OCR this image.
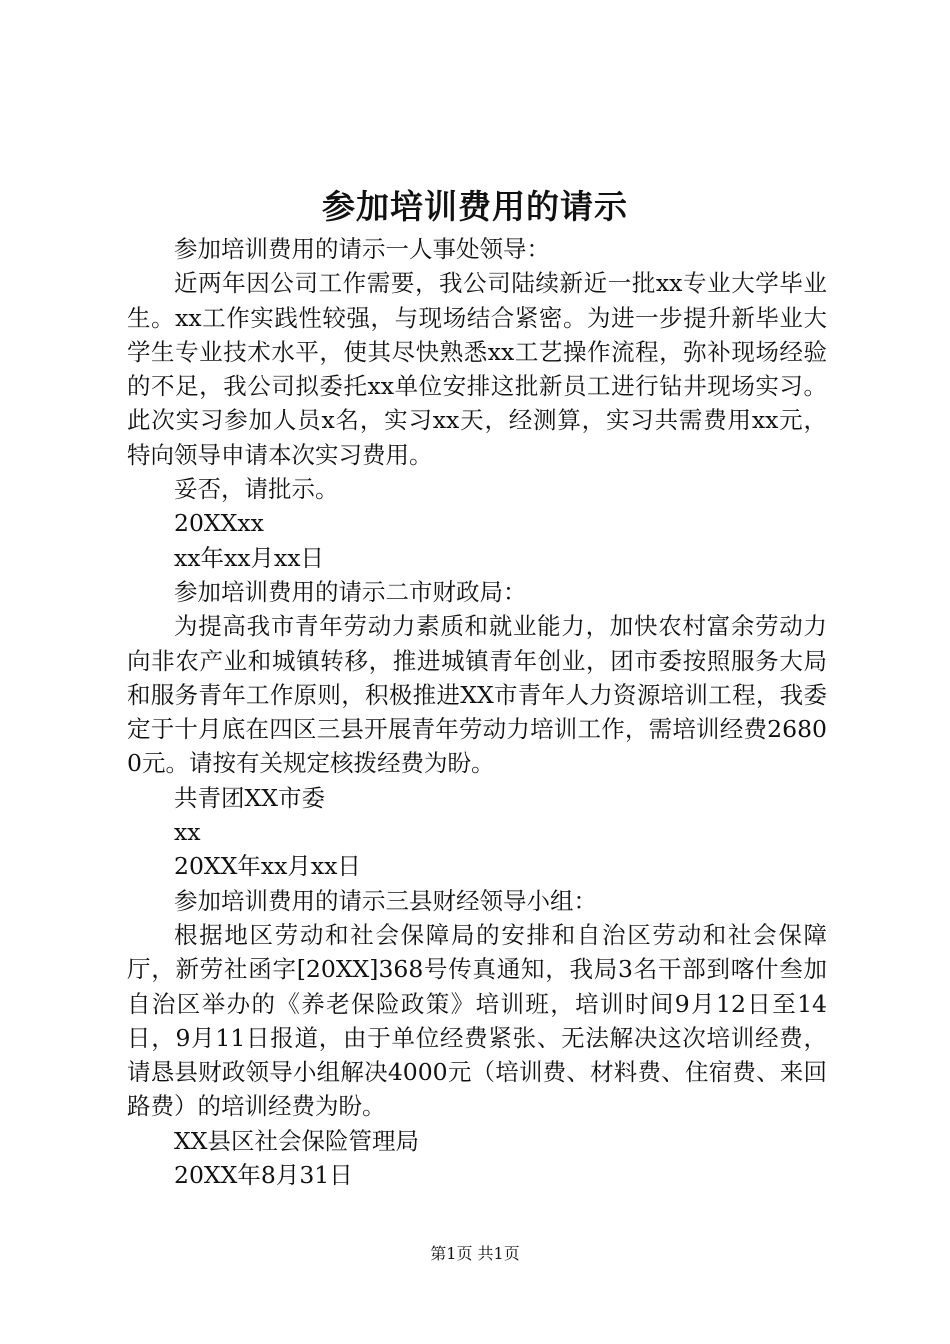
参加培训费用的请示

参加培训费用的请示一人事处领导：

近两年因公司工作需要，我公司陆续新近一批xx专业大学毕业生。xx工作实践性较强，与现场结合紧密。为进一步提升新毕业大学生专业技术水平，使其尽快熟悉xx工艺操作流程，弥补现场经验的不足，我公司拟委托xx单位安排这批新员工进行钻井现场实习。此次实习参加人员x名，实习xx天，经测算，实习共需费用xx元，特向领导申请本次实习费用。

妥否，请批示。

20XXxx

xx年xx月xx日

参加培训费用的请示二市财政局：

为提高我市青年劳动力素质和就业能力，加快农村富余劳动力向非农产业和城镇转移，推进城镇青年创业，团市委按照服务大局和服务青年工作原则，积极推进XX市青年人力资源培训工程，我委定于十月底在四区三县开展青年劳动力培训工作，需培训经费26800元。请按有关规定核拨经费为盼。

共青团XX市委

xx

20XX年xx月xx日

参加培训费用的请示三县财经领导小组：

根据地区劳动和社会保障局的安排和自治区劳动和社会保障厅，新劳社函字[20XX]368号传真通知，我局3名干部到喀什叁加自治区举办的《养老保险政策》培训班，培训时间9月12日至14日，9月11日报道，由于单位经费紧张、无法解决这次培训经费，请恳县财政领导小组解决4000元（培训费、材料费、住宿费、来回路费）的培训经费为盼。

XX县区社会保险管理局

20XX年8月31日

第1页 共1页
